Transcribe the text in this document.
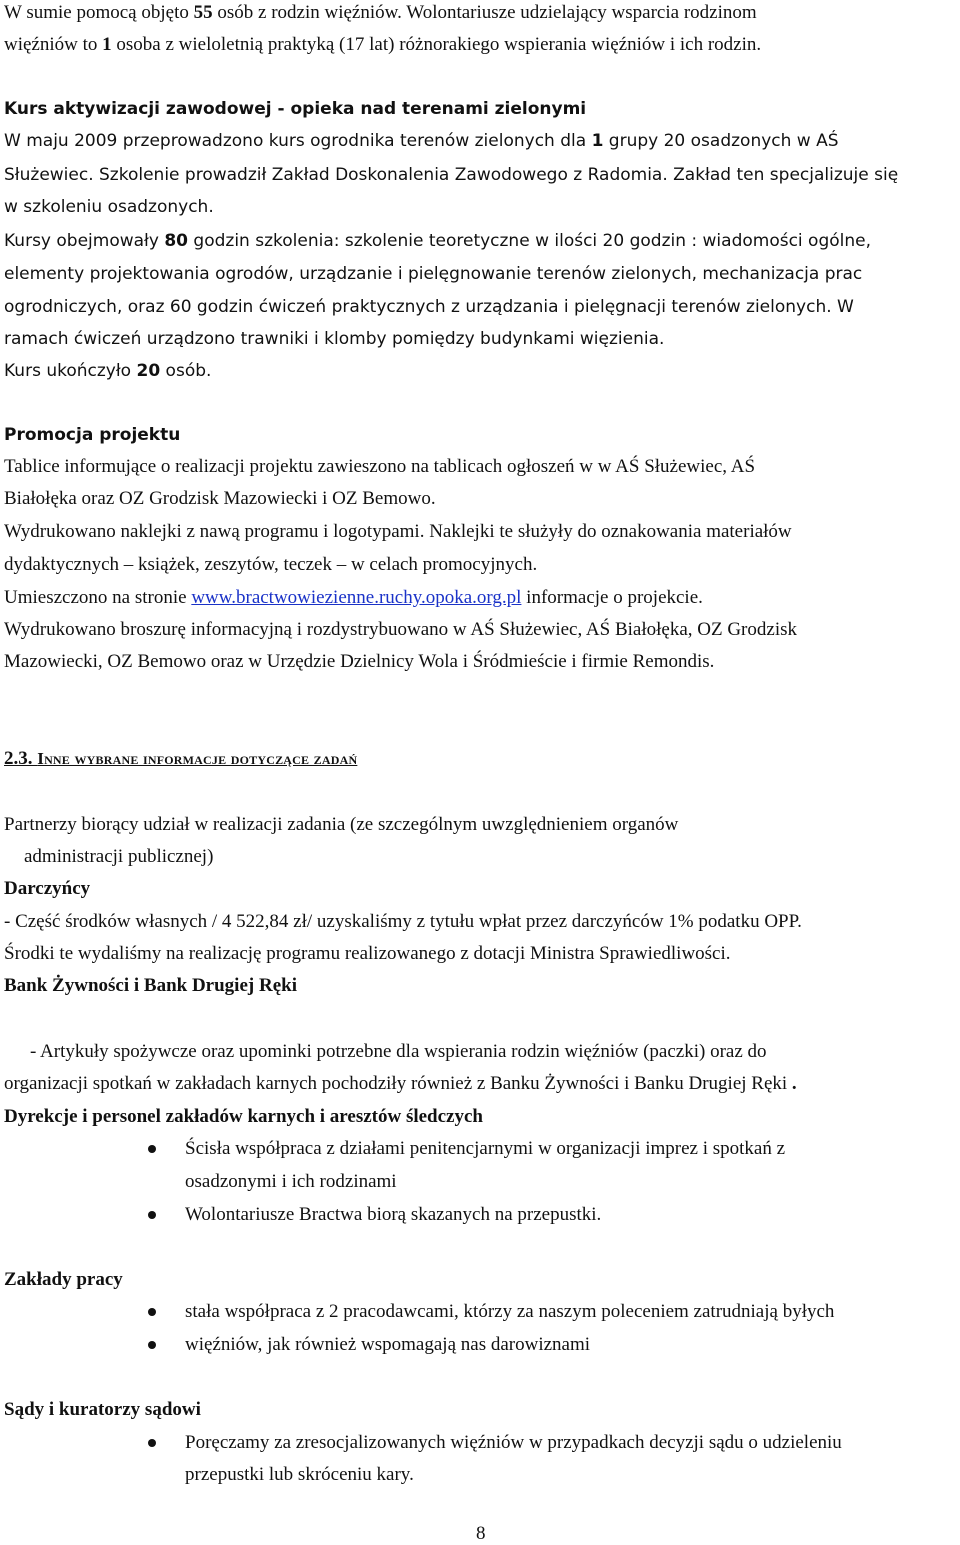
W sumie pomocą objęto 55 osób z rodzin więźniów. Wolontariusze udzielający wsparcia rodzinom
więźniów to 1 osoba z wieloletnią praktyką (17 lat) różnorakiego wspierania więźniów i ich rodzin.
Kurs aktywizacji zawodowej - opieka nad terenami zielonymi
W maju 2009 przeprowadzono kurs ogrodnika terenów zielonych dla 1 grupy 20 osadzonych w AŚ
Służewiec. Szkolenie prowadził Zakład Doskonalenia Zawodowego z Radomia. Zakład ten specjalizuje się
w szkoleniu osadzonych.
Kursy obejmowały 80 godzin szkolenia: szkolenie teoretyczne w ilości 20 godzin : wiadomości ogólne,
elementy projektowania ogrodów, urządzanie i pielęgnowanie terenów zielonych, mechanizacja prac
ogrodniczych, oraz 60 godzin ćwiczeń praktycznych z urządzania i pielęgnacji terenów zielonych. W
ramach ćwiczeń urządzono trawniki i klomby pomiędzy budynkami więzienia.
Kurs ukończyło 20 osób.
Promocja projektu
Tablice informujące o realizacji projektu zawieszono na tablicach ogłoszeń w w AŚ Służewiec, AŚ
Białołęka oraz OZ Grodzisk Mazowiecki i OZ Bemowo.
Wydrukowano naklejki z nawą programu i logotypami. Naklejki te służyły do oznakowania materiałów
dydaktycznych – książek, zeszytów, teczek – w celach promocyjnych.
Umieszczono na stronie www.bractwowiezienne.ruchy.opoka.org.pl informacje o projekcie.
Wydrukowano broszurę informacyjną i rozdystrybuowano w AŚ Służewiec, AŚ Białołęka, OZ Grodzisk
Mazowiecki, OZ Bemowo oraz w Urzędzie Dzielnicy Wola i Śródmieście i firmie Remondis.
2.3. Inne wybrane informacje dotyczące zadań
Partnerzy biorący udział w realizacji zadania (ze szczególnym uwzględnieniem organów
administracji publicznej)
Darczyńcy
- Część środków własnych / 4 522,84 zł/ uzyskaliśmy z tytułu wpłat przez darczyńców 1% podatku OPP.
Środki te wydaliśmy na realizację programu realizowanego z dotacji Ministra Sprawiedliwości.
Bank Żywności i Bank Drugiej Ręki
- Artykuły spożywcze oraz upominki potrzebne dla wspierania rodzin więźniów (paczki) oraz do
organizacji spotkań w zakładach karnych pochodziły również z Banku Żywności i Banku Drugiej Ręki .
Dyrekcje i personel zakładów karnych i aresztów śledczych
Ścisła współpraca z działami penitencjarnymi w organizacji imprez i spotkań z
osadzonymi i ich rodzinami
Wolontariusze Bractwa biorą skazanych na przepustki.
Zakłady pracy
stała współpraca z 2 pracodawcami, którzy za naszym poleceniem zatrudniają byłych
więźniów, jak również wspomagają nas darowiznami
Sądy i kuratorzy sądowi
Poręczamy za zresocjalizowanych więźniów w przypadkach decyzji sądu o udzieleniu
przepustki lub skróceniu kary.
8
